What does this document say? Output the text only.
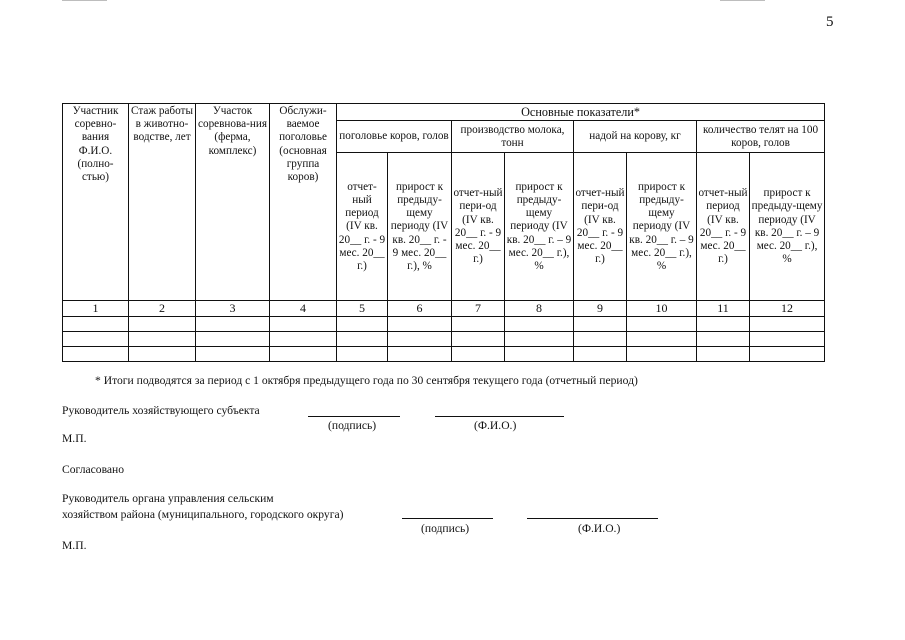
5
Участник соревно-вания Ф.И.О. (полно-стью)	Стаж работы в животно-водстве, лет	Участок соревнова-ния (ферма, комплекс)	Обслужи-ваемое поголовье (основная группа коров)	Основные показатели*							
				поголовье коров, голов		производство молока, тонн		надой на корову, кг		количество телят на 100 коров, голов	
				отчет-ный период (IV кв. 20__ г. - 9 мес. 20__ г.)	прирост к предыду-щему периоду (IV кв. 20__ г. - 9 мес. 20__ г.), %	отчет-ный пери-од (IV кв. 20__ г. - 9 мес. 20__ г.)	прирост к предыду-щему периоду (IV кв. 20__ г. – 9 мес. 20__ г.), %	отчет-ный пери-од (IV кв. 20__ г. - 9 мес. 20__ г.)	прирост к предыду-щему периоду (IV кв. 20__ г. – 9 мес. 20__ г.), %	отчет-ный период (IV кв. 20__ г. - 9 мес. 20__ г.)	прирост к предыду-щему периоду (IV кв. 20__ г. – 9 мес. 20__ г.), %
1	2	3	4	5	6	7	8	9	10	11	12

* Итоги подводятся за период с 1 октября предыдущего года по 30 сентября текущего года (отчетный период)
Руководитель хозяйствующего субъекта
(подпись)	(Ф.И.О.)
М.П.
Согласовано
Руководитель органа управления сельским
хозяйством района (муниципального, городского округа)
(подпись)	(Ф.И.О.)
М.П.
